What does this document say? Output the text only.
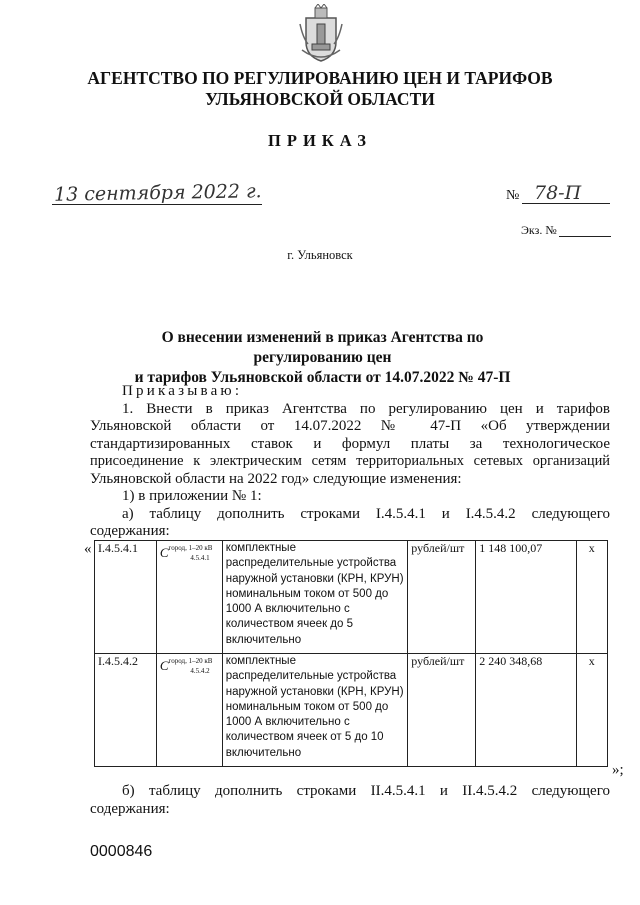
АГЕНТСТВО ПО РЕГУЛИРОВАНИЮ ЦЕН И ТАРИФОВ
УЛЬЯНОВСКОЙ ОБЛАСТИ
ПРИКАЗ
13 сентября 2022 г.	№ 78-П
Экз. №
г. Ульяновск
О внесении изменений в приказ Агентства по регулированию цен
и тарифов Ульяновской области от 14.07.2022 № 47-П
Приказываю:
1. Внести в приказ Агентства по регулированию цен и тарифов
Ульяновской области от 14.07.2022 № 47-П «Об утверждении
стандартизированных ставок и формул платы за технологическое
присоединение к электрическим сетям территориальных сетевых организаций
Ульяновской области на 2022 год» следующие изменения:
1) в приложении № 1:
а) таблицу дополнить строками I.4.5.4.1 и I.4.5.4.2 следующего
содержания:
« I.4.5.4.1	$C^{город, 1-20 кВ}_{4.5.4.1}$	комплектные распределительные устройства наружной установки (КРН, КРУН) номинальным током от 500 до 1000 А включительно с количеством ячеек до 5 включительно	рублей/шт	1 148 100,07	x
I.4.5.4.2	$C^{город, 1-20 кВ}_{4.5.4.2}$	комплектные распределительные устройства наружной установки (КРН, КРУН) номинальным током от 500 до 1000 А включительно с количеством ячеек от 5 до 10 включительно	рублей/шт	2 240 348,68	x
»;
б) таблицу дополнить строками II.4.5.4.1 и II.4.5.4.2 следующего
содержания:
0000846
